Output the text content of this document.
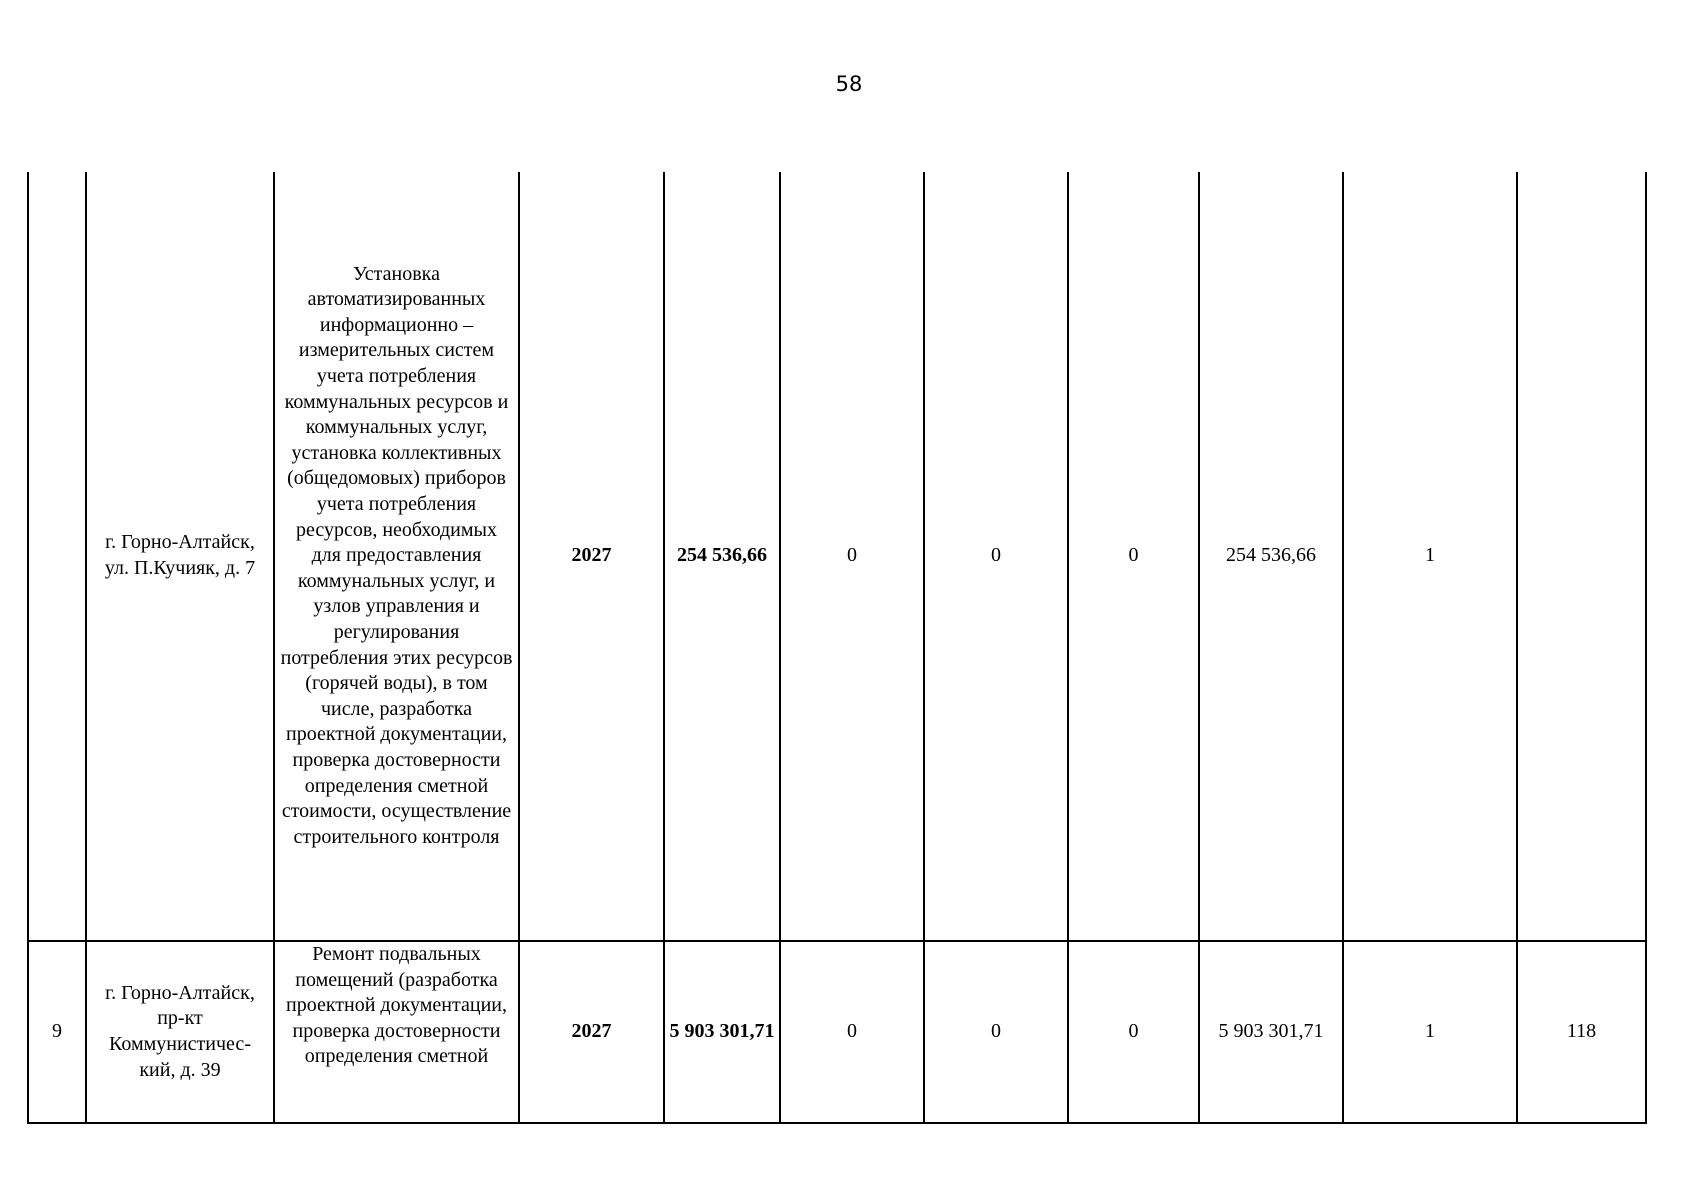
58
	г. Горно-Алтайск, ул. П.Кучияк, д. 7	Установка автоматизированных информационно – измерительных систем учета потребления коммунальных ресурсов и коммунальных услуг, установка коллективных (общедомовых) приборов учета потребления ресурсов, необходимых для предоставления коммунальных услуг, и узлов управления и регулирования потребления этих ресурсов (горячей воды), в том числе, разработка проектной документации, проверка достоверности определения сметной стоимости, осуществление строительного контроля	2027	254 536,66	0	0	0	254 536,66	1	
9	г. Горно-Алтайск, пр-кт Коммунистичес-кий, д. 39	Ремонт подвальных помещений (разработка проектной документации, проверка достоверности определения сметной	2027	5 903 301,71	0	0	0	5 903 301,71	1	118
